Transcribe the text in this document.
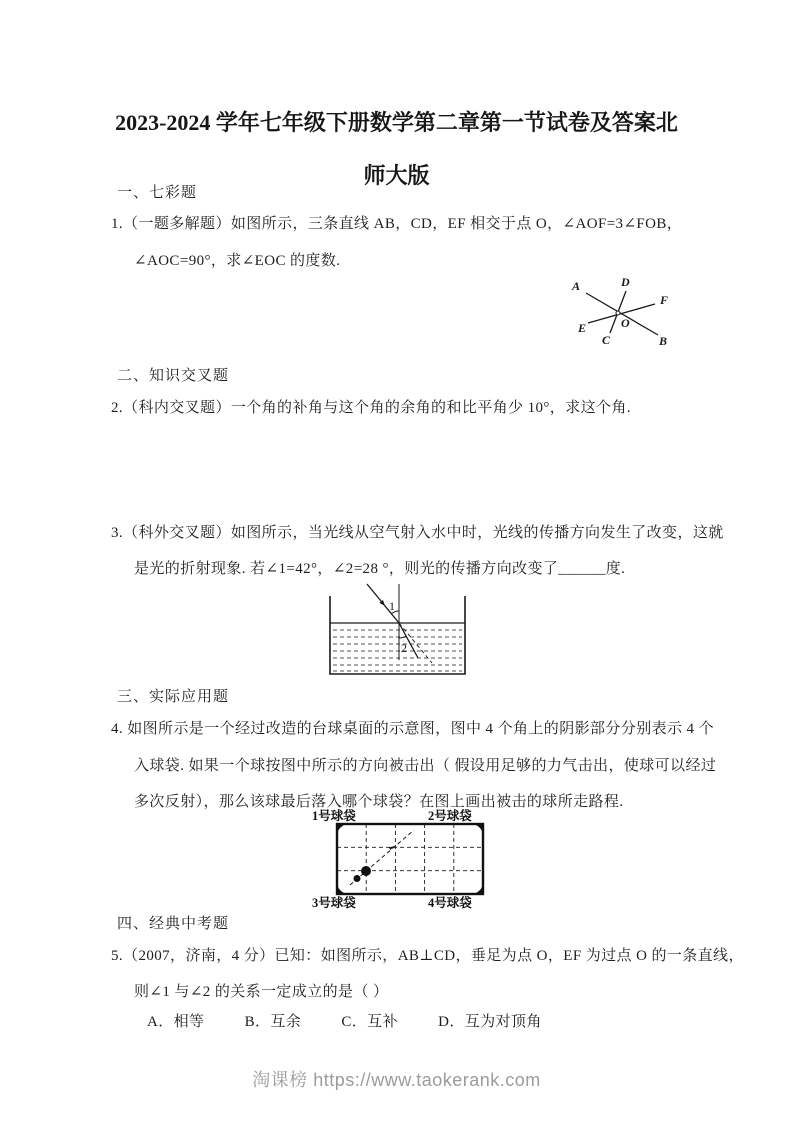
2023-2024 学年七年级下册数学第二章第一节试卷及答案北
师大版
一、七彩题
1.（一题多解题）如图所示，三条直线 AB，CD，EF 相交于点 O，∠AOF=3∠FOB，
∠AOC=90°，求∠EOC 的度数.
A	D
F
E	O
C	B
二、知识交叉题
2.（科内交叉题）一个角的补角与这个角的余角的和比平角少 10°，求这个角.
3.（科外交叉题）如图所示，当光线从空气射入水中时，光线的传播方向发生了改变，这就
是光的折射现象. 若∠1=42°，∠2=28 °，则光的传播方向改变了______度.
1
2
三、实际应用题
4. 如图所示是一个经过改造的台球桌面的示意图，图中 4 个角上的阴影部分分别表示 4 个
入球袋. 如果一个球按图中所示的方向被击出（ 假设用足够的力气击出，使球可以经过
多次反射），那么该球最后落入哪个球袋？在图上画出被击的球所走路程.
1号球袋	2号球袋
3号球袋	4号球袋
四、经典中考题
5.（2007，济南，4 分）已知：如图所示，AB⊥CD，垂足为点 O，EF 为过点 O 的一条直线，
则∠1 与∠2 的关系一定成立的是（ ）
A．相等	B．互余	C．互补	D．互为对顶角
淘课榜 https://www.taokerank.com
